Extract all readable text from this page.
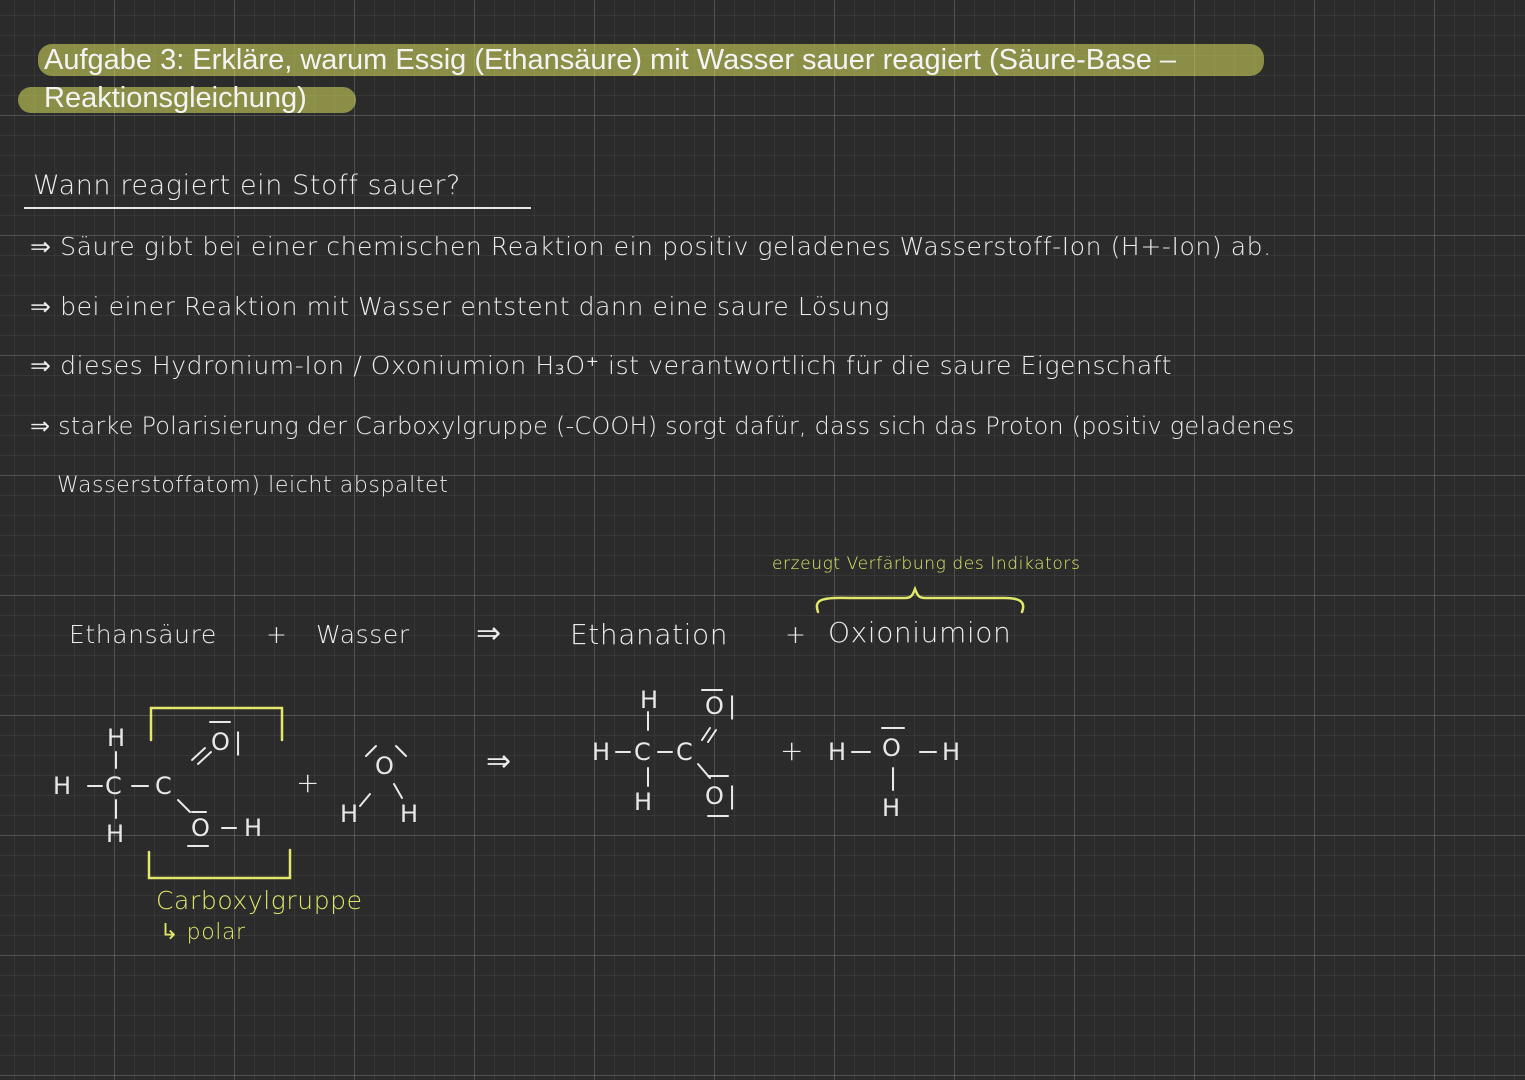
Aufgabe 3: Erkläre, warum Essig (Ethansäure) mit Wasser sauer reagiert (Säure-Base –
Reaktionsgleichung)
Wann reagiert ein Stoff sauer?
⇒ Säure gibt bei einer chemischen Reaktion ein positiv geladenes Wasserstoff-Ion (H+-Ion) ab.
⇒ bei einer Reaktion mit Wasser entstent dann eine saure Lösung
⇒ dieses Hydronium-Ion / Oxoniumion H₃O⁺ ist verantwortlich für die saure Eigenschaft
⇒ starke Polarisierung der Carboxylgruppe (-COOH) sorgt dafür, dass sich das Proton (positiv geladenes
Wasserstoffatom) leicht abspaltet
erzeugt Verfärbung des Indikators
Ethansäure + Wasser ⇒ Ethanation + Oxioniumion
H
H C C
H
O |
O H
+ O
H H
⇒
H O |
H C C
O |
H
+ H O H
H
Carboxylgruppe
↳ polar
